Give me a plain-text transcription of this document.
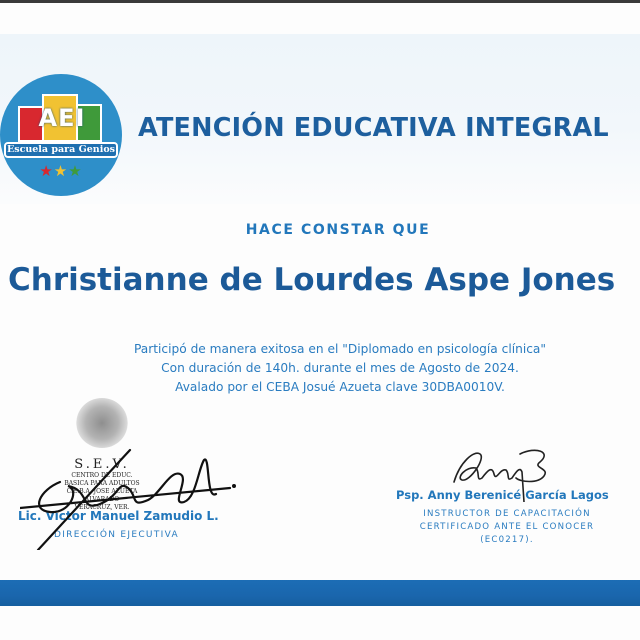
AEI
Escuela para Genios
★★★
ATENCIÓN EDUCATIVA INTEGRAL
HACE CONSTAR QUE
Christianne de Lourdes Aspe Jones
Participó de manera exitosa en el "Diplomado en psicología clínica"
Con duración de 140h. durante el mes de Agosto de 2024.
Avalado por el CEBA Josué Azueta clave 30DBA0010V.
S.E.V.
CENTRO DE EDUC.
BASICA PARA ADULTOS
C.E.B.A. JOSE AZUETA
ALVARADO
VERACRUZ, VER.
Lic. Victor Manuel Zamudio L.
DIRECCIÓN EJECUTIVA
Psp. Anny Berenicé García Lagos
INSTRUCTOR DE CAPACITACIÓN
CERTIFICADO ANTE EL CONOCER
(EC0217).
